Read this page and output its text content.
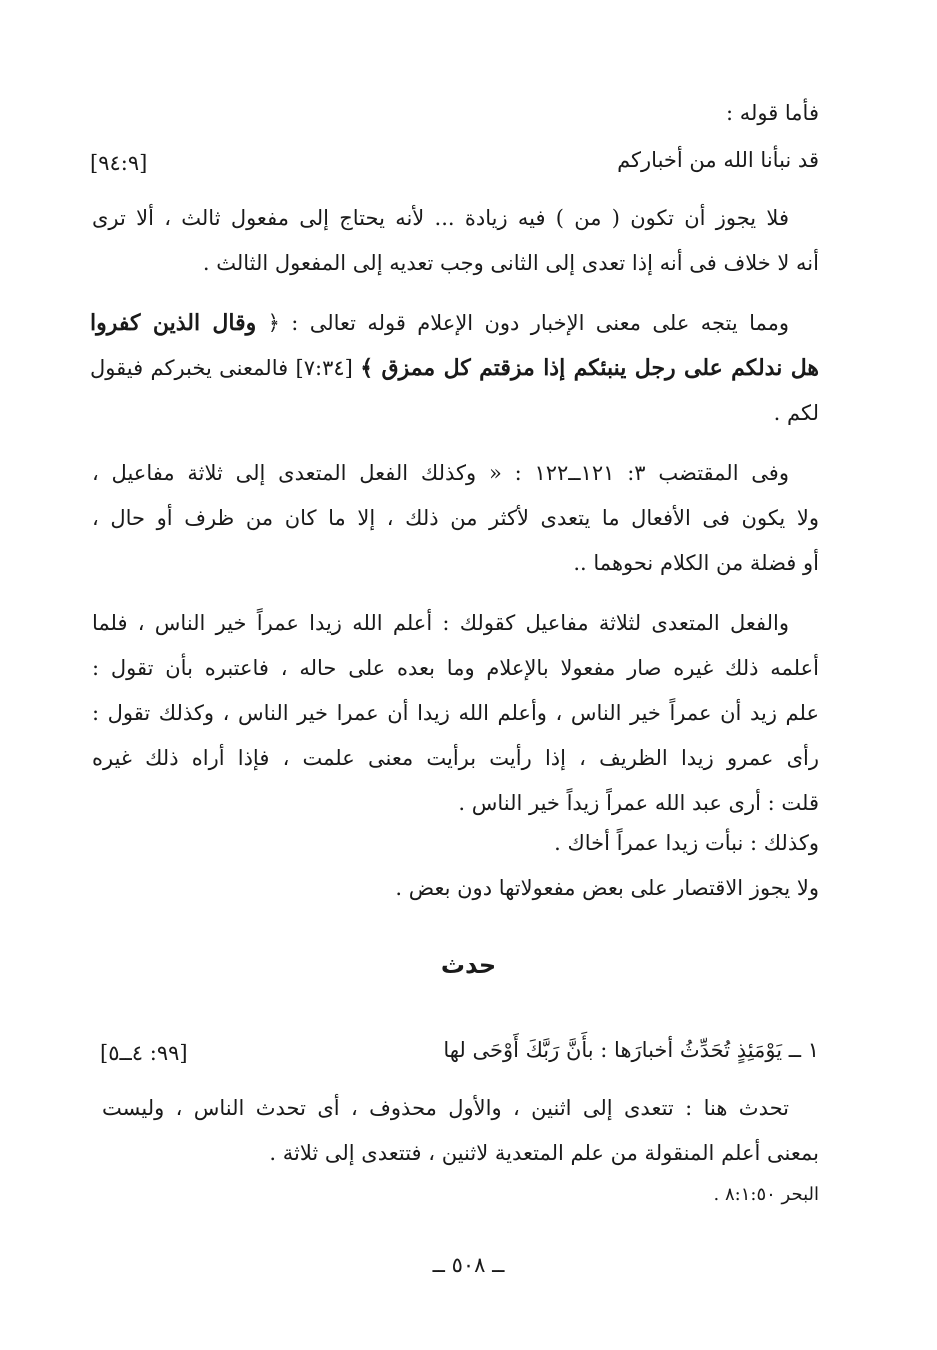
فأما قوله :
قد نبأنا الله من أخبارکم
[٩٤:٩]
فلا يجوز أن تكون ( من ) فيه زيادة ... لأنه يحتاج إلى مفعول ثالث ، ألا ترى
أنه لا خلاف فى أنه إذا تعدى إلى الثانى وجب تعديه إلى المفعول الثالث .
ومما يتجه على معنى الإخبار دون الإعلام قوله تعالى : ﴿ وقال الذين كفروا
هل ندلكم على رجل ينبئكم إذا مزقتم كل ممزق ﴾ [٧:٣٤] فالمعنى يخبركم فيقول
لكم .
وفى المقتضب ٣: ١٢١ــ١٢٢ : « وكذلك الفعل المتعدى إلى ثلاثة مفاعيل ،
ولا يكون فى الأفعال ما يتعدى لأكثر من ذلك ، إلا ما كان من ظرف أو حال ،
أو فضلة من الكلام نحوهما ..
والفعل المتعدى لثلاثة مفاعيل كقولك : أعلم الله زيدا عمراً خير الناس ، فلما
أعلمه ذلك غيره صار مفعولا بالإعلام وما بعده على حاله ، فاعتبره بأن تقول :
علم زيد أن عمراً خير الناس ، وأعلم الله زيدا أن عمرا خير الناس ، وكذلك تقول :
رأى عمرو زيدا الظريف ، إذا رأيت برأيت معنى علمت ، فإذا أراه ذلك غيره
قلت : أرى عبد الله عمراً زيداً خير الناس .
وكذلك : نبأت زيدا عمراً أخاك .
ولا يجوز الاقتصار على بعض مفعولاتها دون بعض .
حدث
١ ــ يَوْمَئِذٍ تُحَدِّثُ أخبارَها : بأَنَّ رَبَّكَ أَوْحَى لها
[٩٩: ٤ــ٥]
تحدث هنا : تتعدى إلى اثنين ، والأول محذوف ، أى تحدث الناس ، وليست
بمعنى أعلم المنقولة من علم المتعدية لاثنين ، فتتعدى إلى ثلاثة .
البحر ٨:١:٥٠ .
ــ ٥٠٨ ــ
